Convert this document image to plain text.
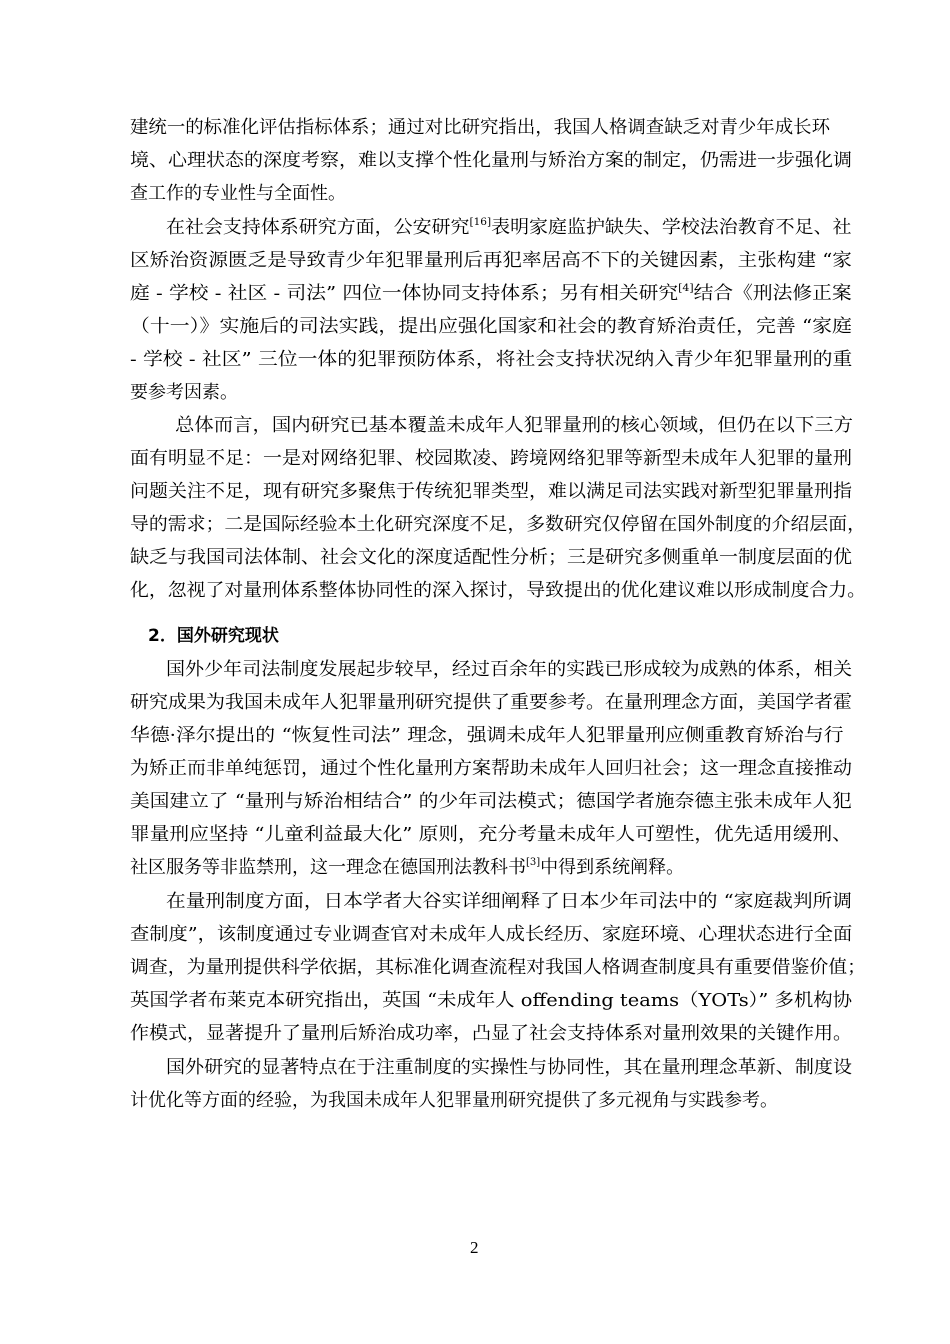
建统一的标准化评估指标体系；通过对比研究指出，我国人格调查缺乏对青少年成长环
境、心理状态的深度考察，难以支撑个性化量刑与矫治方案的制定，仍需进一步强化调
查工作的专业性与全面性。
在社会支持体系研究方面，公安研究[16]表明家庭监护缺失、学校法治教育不足、社
区矫治资源匮乏是导致青少年犯罪量刑后再犯率居高不下的关键因素，主张构建 “家
庭 - 学校 - 社区 - 司法” 四位一体协同支持体系；另有相关研究[4]结合《刑法修正案
（十一）》实施后的司法实践，提出应强化国家和社会的教育矫治责任，完善 “家庭
- 学校 - 社区” 三位一体的犯罪预防体系，将社会支持状况纳入青少年犯罪量刑的重
要参考因素。
总体而言，国内研究已基本覆盖未成年人犯罪量刑的核心领域，但仍在以下三方
面有明显不足：一是对网络犯罪、校园欺凌、跨境网络犯罪等新型未成年人犯罪的量刑
问题关注不足，现有研究多聚焦于传统犯罪类型，难以满足司法实践对新型犯罪量刑指
导的需求；二是国际经验本土化研究深度不足，多数研究仅停留在国外制度的介绍层面，
缺乏与我国司法体制、社会文化的深度适配性分析；三是研究多侧重单一制度层面的优
化，忽视了对量刑体系整体协同性的深入探讨，导致提出的优化建议难以形成制度合力。
2．国外研究现状
国外少年司法制度发展起步较早，经过百余年的实践已形成较为成熟的体系，相关
研究成果为我国未成年人犯罪量刑研究提供了重要参考。在量刑理念方面，美国学者霍
华德·泽尔提出的 “恢复性司法” 理念，强调未成年人犯罪量刑应侧重教育矫治与行
为矫正而非单纯惩罚，通过个性化量刑方案帮助未成年人回归社会；这一理念直接推动
美国建立了 “量刑与矫治相结合” 的少年司法模式；德国学者施奈德主张未成年人犯
罪量刑应坚持 “儿童利益最大化” 原则，充分考量未成年人可塑性，优先适用缓刑、
社区服务等非监禁刑，这一理念在德国刑法教科书[3]中得到系统阐释。
在量刑制度方面，日本学者大谷实详细阐释了日本少年司法中的 “家庭裁判所调
查制度”，该制度通过专业调查官对未成年人成长经历、家庭环境、心理状态进行全面
调查，为量刑提供科学依据，其标准化调查流程对我国人格调查制度具有重要借鉴价值；
英国学者布莱克本研究指出，英国 “未成年人 offending teams（YOTs）” 多机构协
作模式，显著提升了量刑后矫治成功率，凸显了社会支持体系对量刑效果的关键作用。
国外研究的显著特点在于注重制度的实操性与协同性，其在量刑理念革新、制度设
计优化等方面的经验，为我国未成年人犯罪量刑研究提供了多元视角与实践参考。
2
